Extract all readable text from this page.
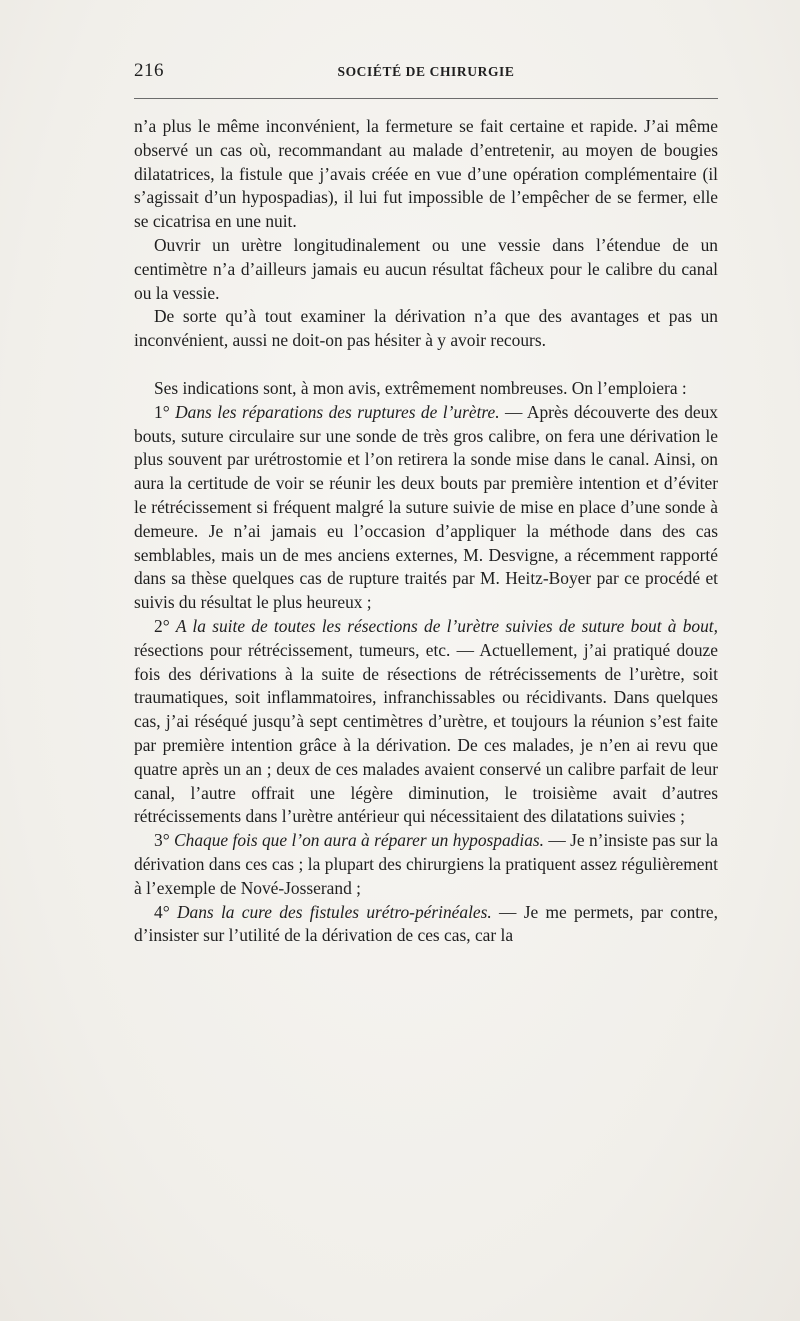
216	SOCIÉTÉ DE CHIRURGIE

n’a plus le même inconvénient, la fermeture se fait certaine et rapide. J’ai même observé un cas où, recommandant au malade d’entretenir, au moyen de bougies dilatatrices, la fistule que j’avais créée en vue d’une opération complémentaire (il s’agissait d’un hypospadias), il lui fut impossible de l’empêcher de se fermer, elle se cicatrisa en une nuit.

Ouvrir un urètre longitudinalement ou une vessie dans l’étendue de un centimètre n’a d’ailleurs jamais eu aucun résultat fâcheux pour le calibre du canal ou la vessie.

De sorte qu’à tout examiner la dérivation n’a que des avantages et pas un inconvénient, aussi ne doit-on pas hésiter à y avoir recours.

Ses indications sont, à mon avis, extrêmement nombreuses. On l’emploiera :

1° Dans les réparations des ruptures de l’urètre. — Après découverte des deux bouts, suture circulaire sur une sonde de très gros calibre, on fera une dérivation le plus souvent par urétrostomie et l’on retirera la sonde mise dans le canal. Ainsi, on aura la certitude de voir se réunir les deux bouts par première intention et d’éviter le rétrécissement si fréquent malgré la suture suivie de mise en place d’une sonde à demeure. Je n’ai jamais eu l’occasion d’appliquer la méthode dans des cas semblables, mais un de mes anciens externes, M. Desvigne, a récemment rapporté dans sa thèse quelques cas de rupture traités par M. Heitz-Boyer par ce procédé et suivis du résultat le plus heureux ;

2° A la suite de toutes les résections de l’urètre suivies de suture bout à bout, résections pour rétrécissement, tumeurs, etc. — Actuellement, j’ai pratiqué douze fois des dérivations à la suite de résections de rétrécissements de l’urètre, soit traumatiques, soit inflammatoires, infranchissables ou récidivants. Dans quelques cas, j’ai réséqué jusqu’à sept centimètres d’urètre, et toujours la réunion s’est faite par première intention grâce à la dérivation. De ces malades, je n’en ai revu que quatre après un an ; deux de ces malades avaient conservé un calibre parfait de leur canal, l’autre offrait une légère diminution, le troisième avait d’autres rétrécissements dans l’urètre antérieur qui nécessitaient des dilatations suivies ;

3° Chaque fois que l’on aura à réparer un hypospadias. — Je n’insiste pas sur la dérivation dans ces cas ; la plupart des chirurgiens la pratiquent assez régulièrement à l’exemple de Nové-Josserand ;

4° Dans la cure des fistules urétro-périnéales. — Je me permets, par contre, d’insister sur l’utilité de la dérivation de ces cas, car la
